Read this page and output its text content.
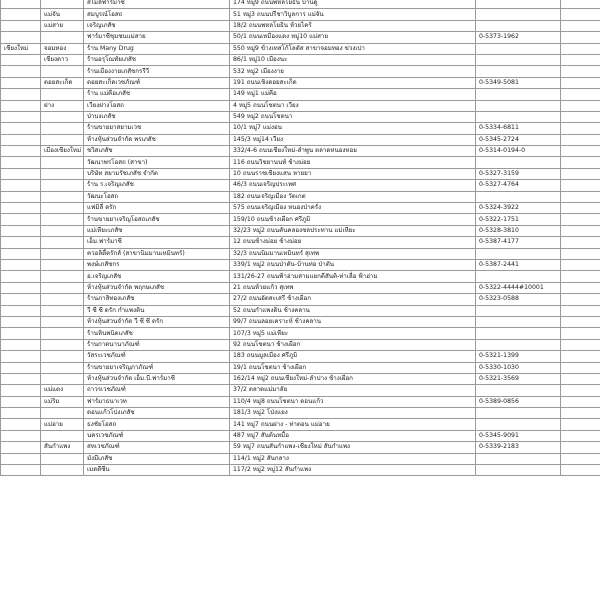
		สไมล์ฟาร์มาซี	174 หมู่9 ถนนพหลโยธิน บ้านดู่		
	แม่จัน	สมบูรณ์โอสถ	51 หมู่3 ถนนปรีชาวิบูลการ แม่จัน		
	แม่สาย	เจริญเภสัช	18/2 ถนนพหลโยธิน ห้วยไคร้		
		ฟาร์มาซีชุมชนแม่สาย	50/1 ถนนเหมืองแดง หมู่10 แม่สาย	0-5373-1962	
เชียงใหม่	จอมทอง	ร้าน Many Drug	550 หมู่9 ข้างเทสโก้โลตัส สาขาจอมทอง ข่วงเปา		
	เชียงดาว	ร้านอรุโณทัยเภสัช	86/1 หมู่10 เมืองนะ		
		ร้านเมืองงายเภสัชกรรีวี	532 หมู่2 เมืองงาย		
	ดอยสะเก็ด	ดอยสะเก็ดเวชภัณฑ์	191 ถนนเชิงดอยสะเก็ด	0-5349-5081	
		ร้าน แม่คือเภสัช	149 หมู่1 แม่คือ		
	ฝาง	เวียงฝางโอสถ	4 หมู่5 ถนนโชตนา เวียง		
		ป่าบงเภสัช	549 หมู่2 ถนนโชตนา		
		ร้านขายยาสยามเวช	10/1 หมู่7 แม่งอน	0-5334-6811	
		ห้างหุ้นส่วนจำกัด พรเภสัช	145/3 หมู่14 เวียง	0-5345-2724	
	เมืองเชียงใหม่	ชวิสเภสัช	332/4-6 ถนนเชียงใหม่-ลำพูน ตลาดหนองหอย	0-5314-0194-0	
		วัฒนาพรโอสถ (สาขา)	116 ถนนวิชยานนท์ ช้างม่อย		
		บริษัท สยามรัชเภสัช จำกัด	10 ถนนราชเชียงแสน หายยา	0-5327-3159	
		ร้าน ร.เจริญเภสัช	46/3 ถนนเจริญประเทศ	0-5327-4764	
		วัฒนะโอสถ	182 ถนนเจริญเมือง วัดเกต		
		แฟมิลี่ ดรัก	575 ถนนเจริญเมือง หนองป่าครั่ง	0-5324-3922	
		ร้านขายยาเจริญโอสถเภสัช	159/10 ถนนช้างเผือก ศรีภูมิ	0-5322-1751	
		แม่เหียะเภสัช	32/23 หมู่2 ถนนคันคลองชลประทาน แม่เหียะ	0-5328-3810	
		เอ็ม.ฟาร์มาซี	12 ถนนช้างม่อย ช้างม่อย	0-5387-4177	
		ควอลิตี้ดรักส์ (สาขานิมมานเหมินทร์)	32/3 ถนนนิมมานเหมินทร์ สุเทพ		
		พงษ์เภสัชกร	339/1 หมู่2 ถนนป่าตัน-บ้านท่อ ป่าตัน	0-5387-2441	
		อ.เจริญเภสัช	131/26-27 ถนนฟ้าฮ่ามสามแยกดีสันติ-ท่าเลื่อ ฟ้าฮ่าม		
		ห้างหุ้นส่วนจำกัด พฤกษเภสัช	21 ถนนห้วยแก้ว สุเทพ	0-5322-4444#10001	
		ร้านภาสิทองเภสัช	27/2 ถนนอัตสะเสรี ช้างเผือก	0-5323-0588	
		วี ซี ซี ดรัก กำแพงดิน	52 ถนนกำแพงดิน ช้างคลาน		
		ห้างหุ้นส่วนจำกัด วี ซี ซี ดรัก	99/7 ถนนลอยเคราะห์ ช้างคลาน		
		ร้านหินพนิดเภสัช	107/3 หมู่5 แม่เหียะ		
		ร้านกาดนานาภัณฑ์	92 ถนนโชตนา ช้างเผือก		
		วัสระเวชภัณฑ์	183 ถนนมูลเมือง ศรีภูมิ	0-5321-1399	
		ร้านขายยาเจริญภาภัณฑ์	19/1 ถนนโชตนา ช้างเผือก	0-5330-1030	
		ห้างหุ้นส่วนจำกัด เอ็ม.บี.ฟาร์มาซี	162/14 หมู่2 ถนนเชียงใหม่-ลำปาง ช้างเผือก	0-5321-3569	
	แม่แตง	ถาวรเวชภัณฑ์	37/2 ตลาดแม่มาลัย		
	แม่ริม	ฟาร์มาธนาเวท	110/4 หมู่8 ถนนโชตนา ดอนแก้ว	0-5389-0856	
		ดอนแก้วโปงเภสัช	181/3 หมู่2 โป่งแยง		
	แม่อาย	ธงชัยโอสถ	141 หมู่7 ถนนฝาง - ท่าตอน แม่อาย		
		นครเวชภัณฑ์	487 หมู่7 สันต้นหมื้อ	0-5345-9091	
	สันกำแพง	สหเวชภัณฑ์	59 หมู่7 ถนนสันกำแพง-เชียงใหม่ สันกำแพง	0-5339-2183	
		มังมีเภสัช	114/1 หมู่2 สันกลาง		
		เมดดีซีน	117/2 หมู่2 หมู่12 สันกำแพง		
